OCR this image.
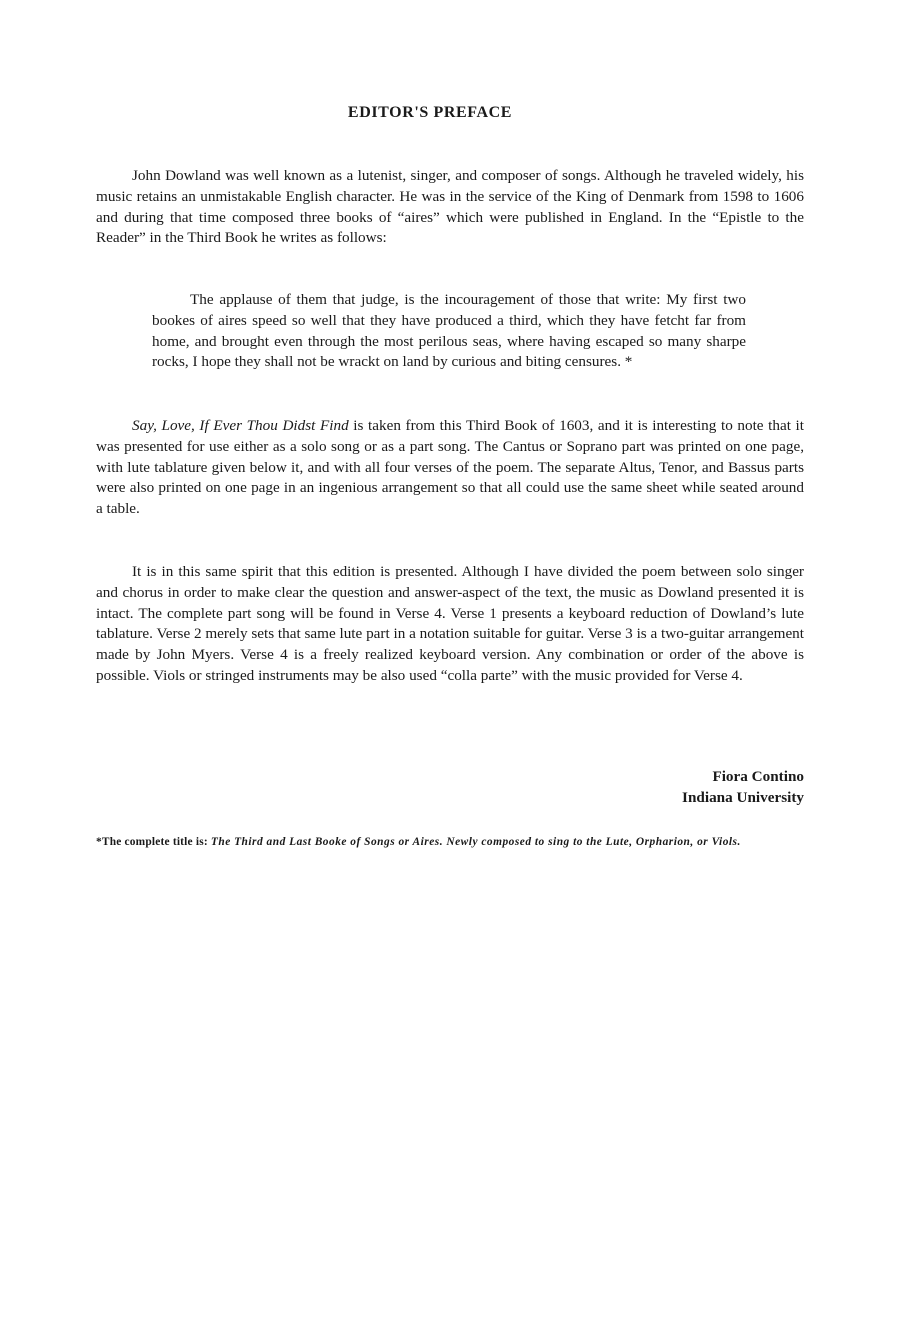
EDITOR'S PREFACE

John Dowland was well known as a lutenist, singer, and composer of songs. Although he traveled widely, his music retains an unmistakable English character. He was in the service of the King of Denmark from 1598 to 1606 and during that time composed three books of “aires” which were published in England. In the “Epistle to the Reader” in the Third Book he writes as follows:

The applause of them that judge, is the incouragement of those that write: My first two bookes of aires speed so well that they have produced a third, which they have fetcht far from home, and brought even through the most perilous seas, where having escaped so many sharpe rocks, I hope they shall not be wrackt on land by curious and biting censures. *

Say, Love, If Ever Thou Didst Find is taken from this Third Book of 1603, and it is interesting to note that it was presented for use either as a solo song or as a part song. The Cantus or Soprano part was printed on one page, with lute tablature given below it, and with all four verses of the poem. The separate Altus, Tenor, and Bassus parts were also printed on one page in an ingenious arrangement so that all could use the same sheet while seated around a table.

It is in this same spirit that this edition is presented. Although I have divided the poem between solo singer and chorus in order to make clear the question and answer-aspect of the text, the music as Dowland presented it is intact. The complete part song will be found in Verse 4. Verse 1 presents a keyboard reduction of Dowland’s lute tablature. Verse 2 merely sets that same lute part in a notation suitable for guitar. Verse 3 is a two-guitar arrangement made by John Myers. Verse 4 is a freely realized keyboard version. Any combination or order of the above is possible. Viols or stringed instruments may be also used “colla parte” with the music provided for Verse 4.

Fiora Contino
Indiana University
*The complete title is: The Third and Last Booke of Songs or Aires. Newly composed to sing to the Lute, Orpharion, or Viols.
